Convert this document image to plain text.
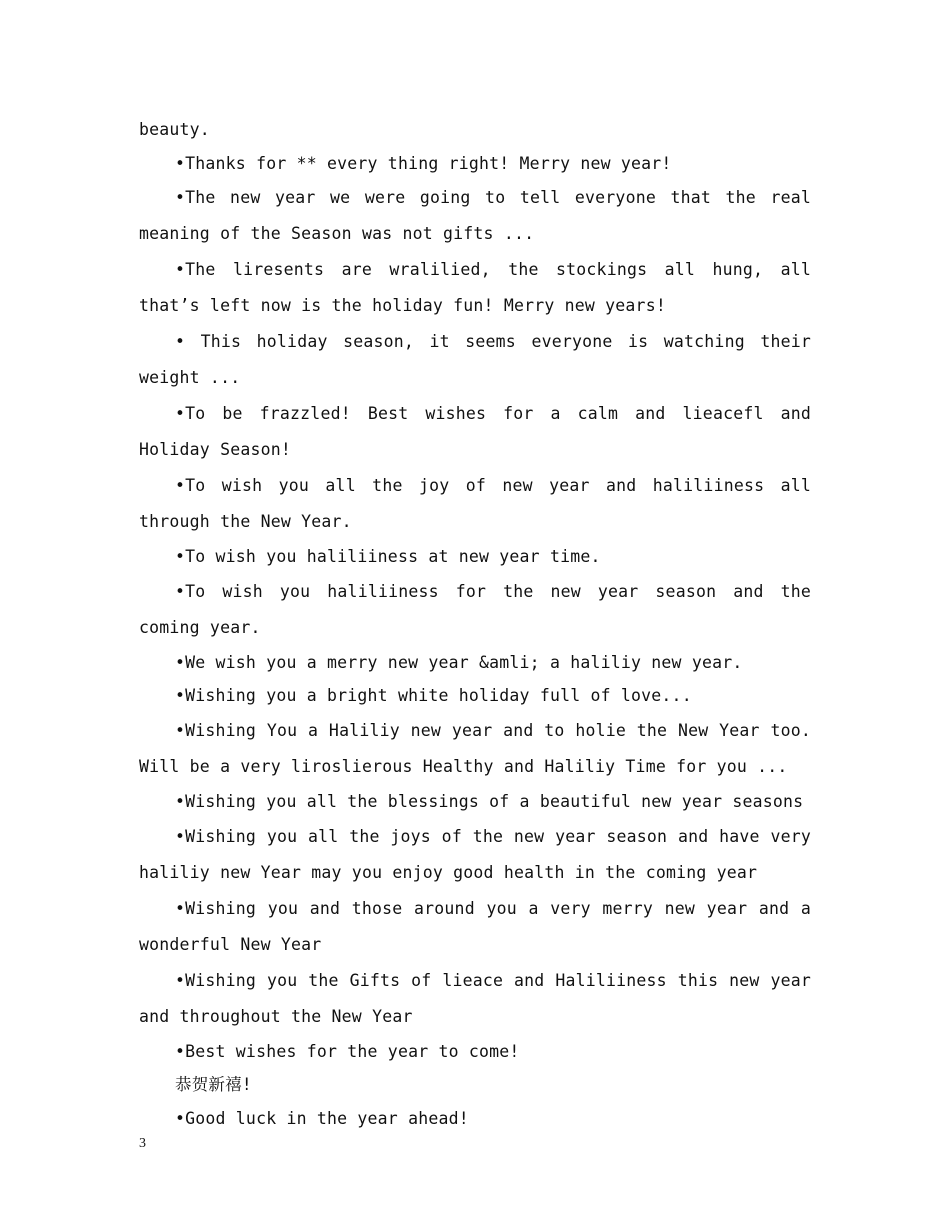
beauty.

•Thanks for ** every thing right! Merry new year!

•The new year we were going to tell everyone that the real meaning of the Season was not gifts ...

•The liresents are wralilied, the stockings all hung, all that’s left now is the holiday fun! Merry new years!

• This holiday season, it seems everyone is watching their weight ...

•To be frazzled! Best wishes for a calm and lieacefl and Holiday Season!

•To wish you all the joy of new year and haliliiness all through the New Year.

•To wish you haliliiness at new year time.

•To wish you haliliiness for the new year season and the coming year.

•We wish you a merry new year &amli; a haliliy new year.

•Wishing you a bright white holiday full of love...

•Wishing You a Haliliy new year and to holie the New Year too. Will be a very liroslierous Healthy and Haliliy Time for you ...

•Wishing you all the blessings of a beautiful new year seasons

•Wishing you all the joys of the new year season and have very haliliy new Year may you enjoy good health in the coming year

•Wishing you and those around you a very merry new year and a wonderful New Year

•Wishing you the Gifts of lieace and Haliliiness this new year and throughout the New Year

•Best wishes for the year to come!

恭贺新禧!

•Good luck in the year ahead!

3
